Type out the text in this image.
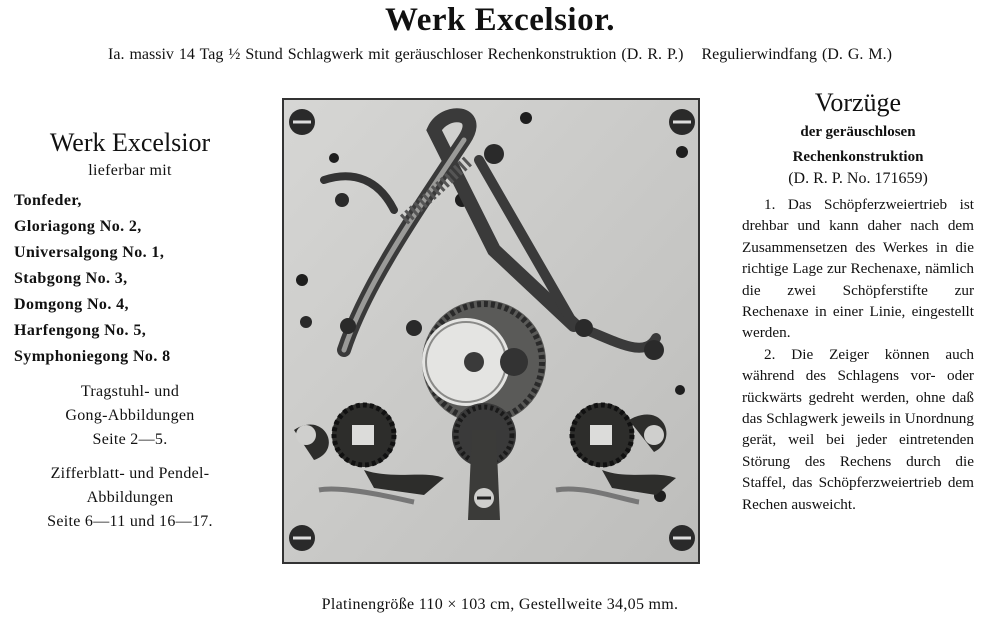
Werk Excelsior.
Ia. massiv 14 Tag ½ Stund Schlagwerk mit geräuschloser Rechenkonstruktion (D. R. P.) Regulierwindfang (D. G. M.)
Werk Excelsior
lieferbar mit
Tonfeder,
Gloriagong No. 2,
Universalgong No. 1,
Stabgong No. 3,
Domgong No. 4,
Harfengong No. 5,
Symphoniegong No. 8
Tragstuhl- und
Gong-Abbildungen
Seite 2—5.
Zifferblatt- und Pendel-
Abbildungen
Seite 6—11 und 16—17.
Platinengröße 110 × 103 cm, Gestellweite 34,05 mm.
Vorzüge
der geräuschlosen
Rechenkonstruktion
(D. R. P. No. 171659)

1. Das Schöpferzweiertrieb ist drehbar und kann daher nach dem Zusammensetzen des Werkes in die richtige Lage zur Rechenaxe, nämlich die zwei Schöpferstifte zur Rechenaxe in einer Linie, eingestellt werden.

2. Die Zeiger können auch während des Schlagens vor- oder rückwärts gedreht werden, ohne daß das Schlagwerk jeweils in Unordnung gerät, weil bei jeder eintretenden Störung des Rechens durch die Staffel, das Schöpferzweiertrieb dem Rechen ausweicht.
